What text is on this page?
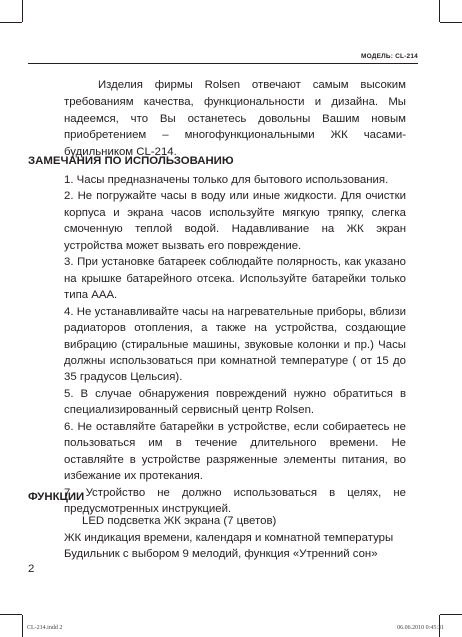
МОДЕЛЬ: CL-214
Изделия фирмы Rolsen отвечают самым высоким требованиям качества, функциональности и дизайна. Мы надеемся, что Вы останетесь довольны Вашим новым приобретением – многофункциональными ЖК часами-будильником CL-214.
ЗАМЕЧАНИЯ ПО ИСПОЛЬЗОВАНИЮ

1. Часы предназначены только для бытового использования.

2. Не погружайте часы в воду или иные жидкости. Для очистки корпуса и экрана часов используйте мягкую тряпку, слегка смоченную теплой водой. Надавливание на ЖК экран устройства может вызвать его повреждение.

3. При установке батареек соблюдайте полярность, как указано на крышке батарейного отсека. Используйте батарейки только типа ААА.

4. Не устанавливайте часы на нагревательные приборы, вблизи радиаторов отопления, а также на устройства, создающие вибрацию (стиральные машины, звуковые колонки и пр.) Часы должны использоваться при комнатной температуре ( от 15 до 35 градусов Цельсия).

5. В случае обнаружения повреждений нужно обратиться в специализированный сервисный центр Rolsen.

6. Не оставляйте батарейки в устройстве, если собираетесь не пользоваться им в течение длительного времени. Не оставляйте в устройстве разряженные элементы питания, во избежание их протекания.

7. Устройство не должно использоваться в целях, не предусмотренных инструкцией.

ФУНКЦИИ

LED подсветка ЖК экрана (7 цветов)

ЖК индикация времени, календаря и комнатной температуры

Будильник с выбором 9 мелодий, функция «Утренний сон»

2
CL-214.indd 2	06.06.2010 0:45:31
